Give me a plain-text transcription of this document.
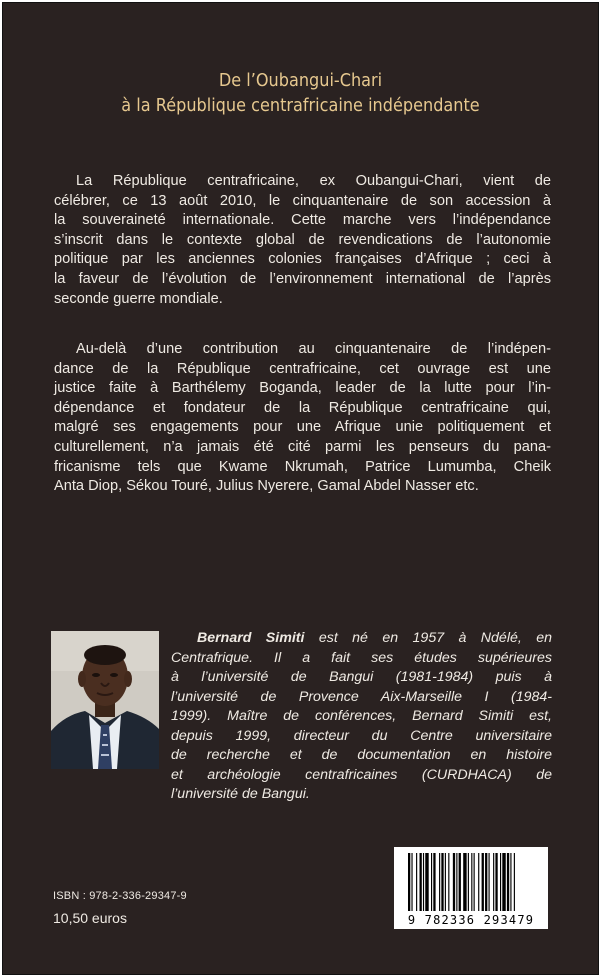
De l’Oubangui-Chari
à la République centrafricaine indépendante
La République centrafricaine, ex Oubangui-Chari, vient de
célébrer, ce 13 août 2010, le cinquantenaire de son accession à
la souveraineté internationale. Cette marche vers l’indépendance
s’inscrit dans le contexte global de revendications de l’autonomie
politique par les anciennes colonies françaises d’Afrique ; ceci à
la faveur de l’évolution de l’environnement international de l’après
seconde guerre mondiale.
Au-delà d’une contribution au cinquantenaire de l’indépen-
dance de la République centrafricaine, cet ouvrage est une
justice faite à Barthélemy Boganda, leader de la lutte pour l’in-
dépendance et fondateur de la République centrafricaine qui,
malgré ses engagements pour une Afrique unie politiquement et
culturellement, n’a jamais été cité parmi les penseurs du pana-
fricanisme tels que Kwame Nkrumah, Patrice Lumumba, Cheik
Anta Diop, Sékou Touré, Julius Nyerere, Gamal Abdel Nasser etc.
Bernard Simiti est né en 1957 à Ndélé, en
Centrafrique. Il a fait ses études supérieures
à l’université de Bangui (1981-1984) puis à
l’université de Provence Aix-Marseille I (1984-
1999). Maître de conférences, Bernard Simiti est,
depuis 1999, directeur du Centre universitaire
de recherche et de documentation en histoire
et archéologie centrafricaines (CURDHACA) de
l’université de Bangui.
ISBN : 978-2-336-29347-9
10,50 euros	9 782336 293479
